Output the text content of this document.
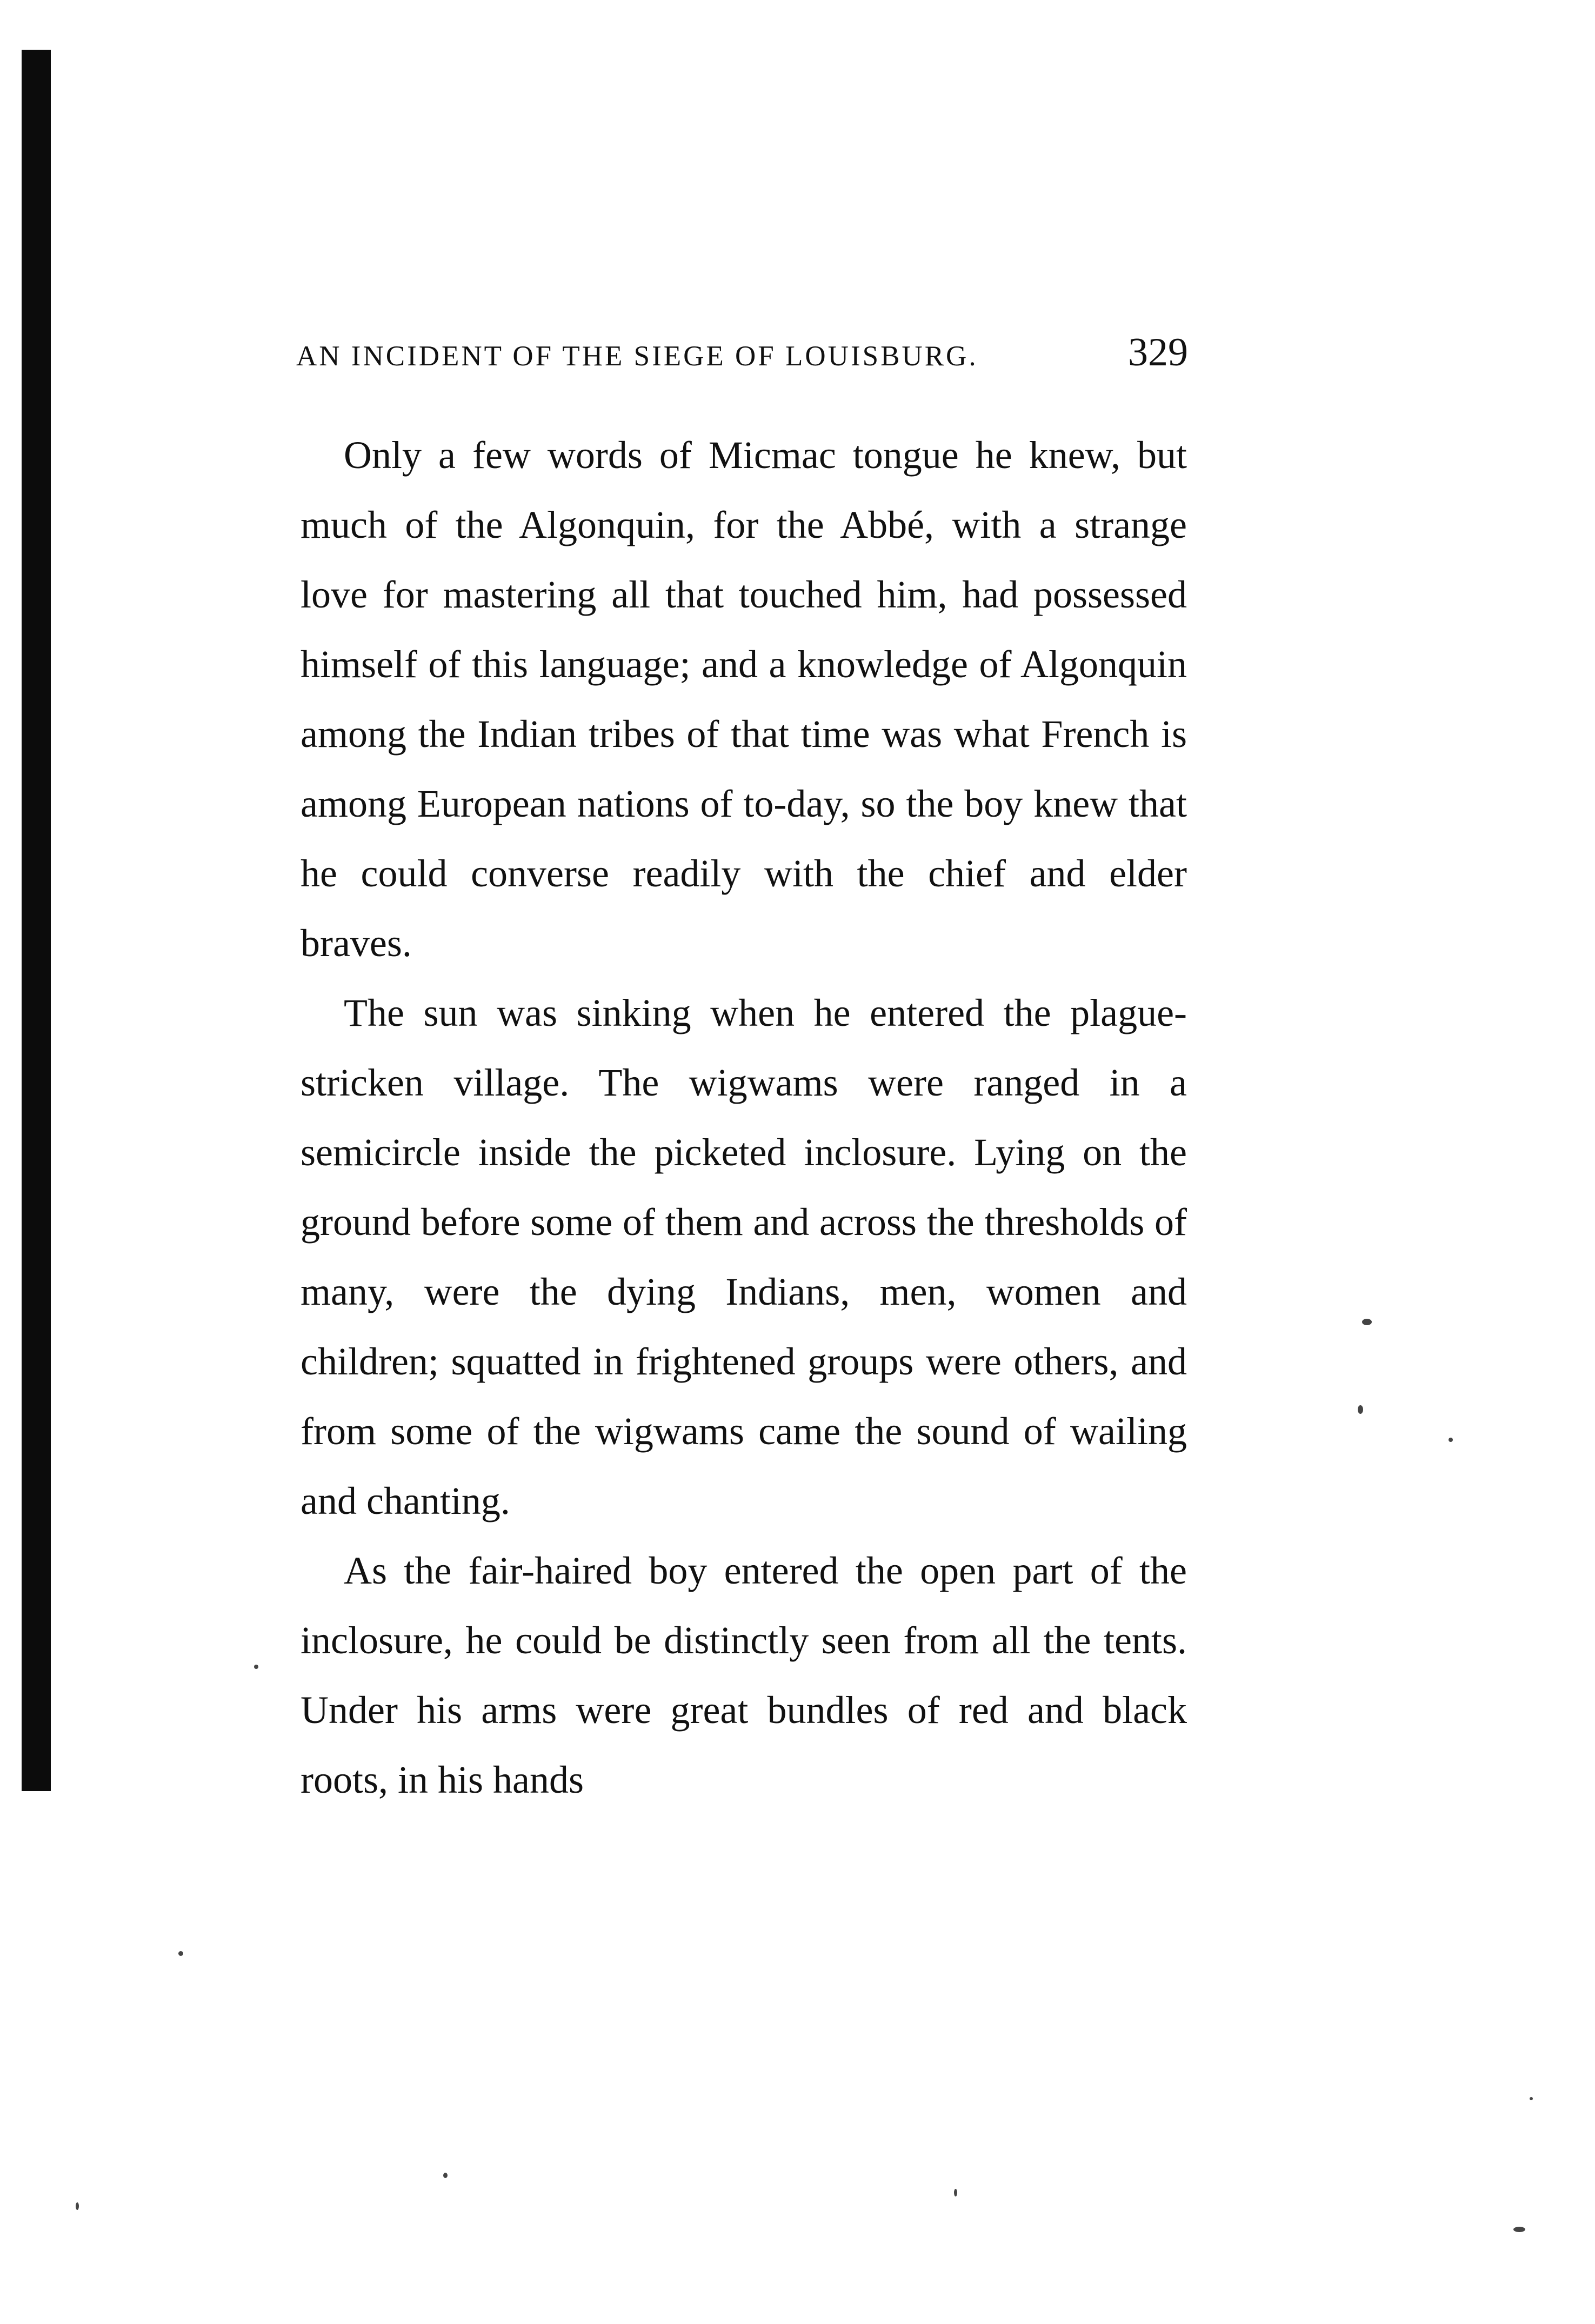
AN INCIDENT OF THE SIEGE OF LOUISBURG.	329

Only a few words of Micmac tongue he knew, but much of the Algonquin, for the Abbé, with a strange love for mastering all that touched him, had possessed himself of this language; and a knowledge of Algonquin among the Indian tribes of that time was what French is among European nations of to-day, so the boy knew that he could converse readily with the chief and elder braves.

The sun was sinking when he entered the plague-stricken village. The wigwams were ranged in a semicircle inside the picketed inclosure. Lying on the ground before some of them and across the thresholds of many, were the dying Indians, men, women and children; squatted in frightened groups were others, and from some of the wigwams came the sound of wailing and chanting.

As the fair-haired boy entered the open part of the inclosure, he could be distinctly seen from all the tents. Under his arms were great bundles of red and black roots, in his hands
